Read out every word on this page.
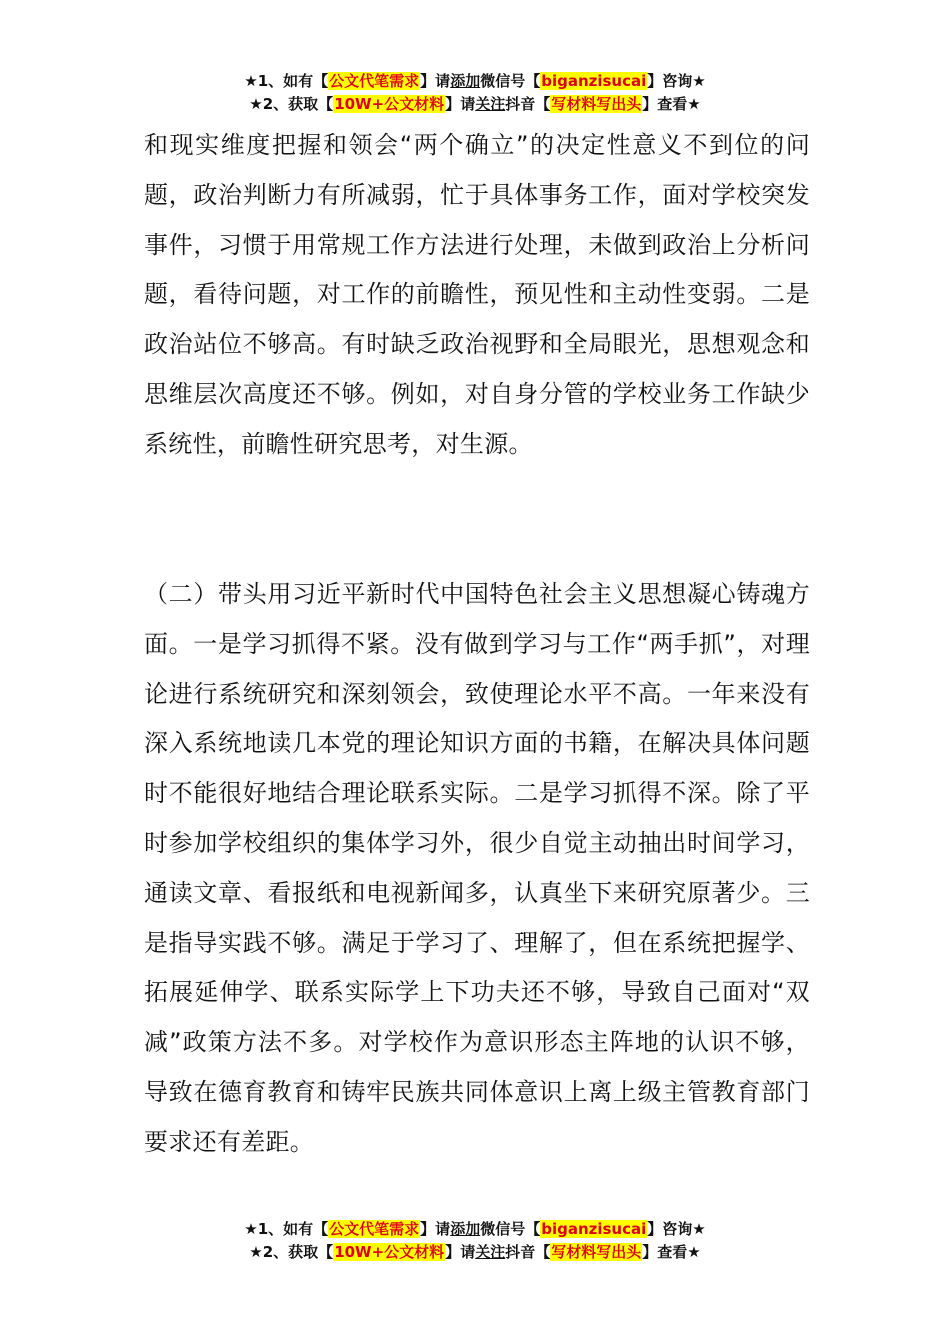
★1、如有【公文代笔需求】请添加微信号【biganzisucai】咨询★
★2、获取【10W+公文材料】请关注抖音【写材料写出头】查看★

和现实维度把握和领会“两个确立”的决定性意义不到位的问题，政治判断力有所减弱，忙于具体事务工作，面对学校突发事件，习惯于用常规工作方法进行处理，未做到政治上分析问题，看待问题，对工作的前瞻性，预见性和主动性变弱。二是政治站位不够高。有时缺乏政治视野和全局眼光，思想观念和思维层次高度还不够。例如，对自身分管的学校业务工作缺少系统性，前瞻性研究思考，对生源。

（二）带头用习近平新时代中国特色社会主义思想凝心铸魂方面。一是学习抓得不紧。没有做到学习与工作“两手抓”，对理论进行系统研究和深刻领会，致使理论水平不高。一年来没有深入系统地读几本党的理论知识方面的书籍，在解决具体问题时不能很好地结合理论联系实际。二是学习抓得不深。除了平时参加学校组织的集体学习外，很少自觉主动抽出时间学习，通读文章、看报纸和电视新闻多，认真坐下来研究原著少。三是指导实践不够。满足于学习了、理解了，但在系统把握学、拓展延伸学、联系实际学上下功夫还不够，导致自己面对“双减”政策方法不多。对学校作为意识形态主阵地的认识不够，导致在德育教育和铸牢民族共同体意识上离上级主管教育部门要求还有差距。

★1、如有【公文代笔需求】请添加微信号【biganzisucai】咨询★
★2、获取【10W+公文材料】请关注抖音【写材料写出头】查看★
